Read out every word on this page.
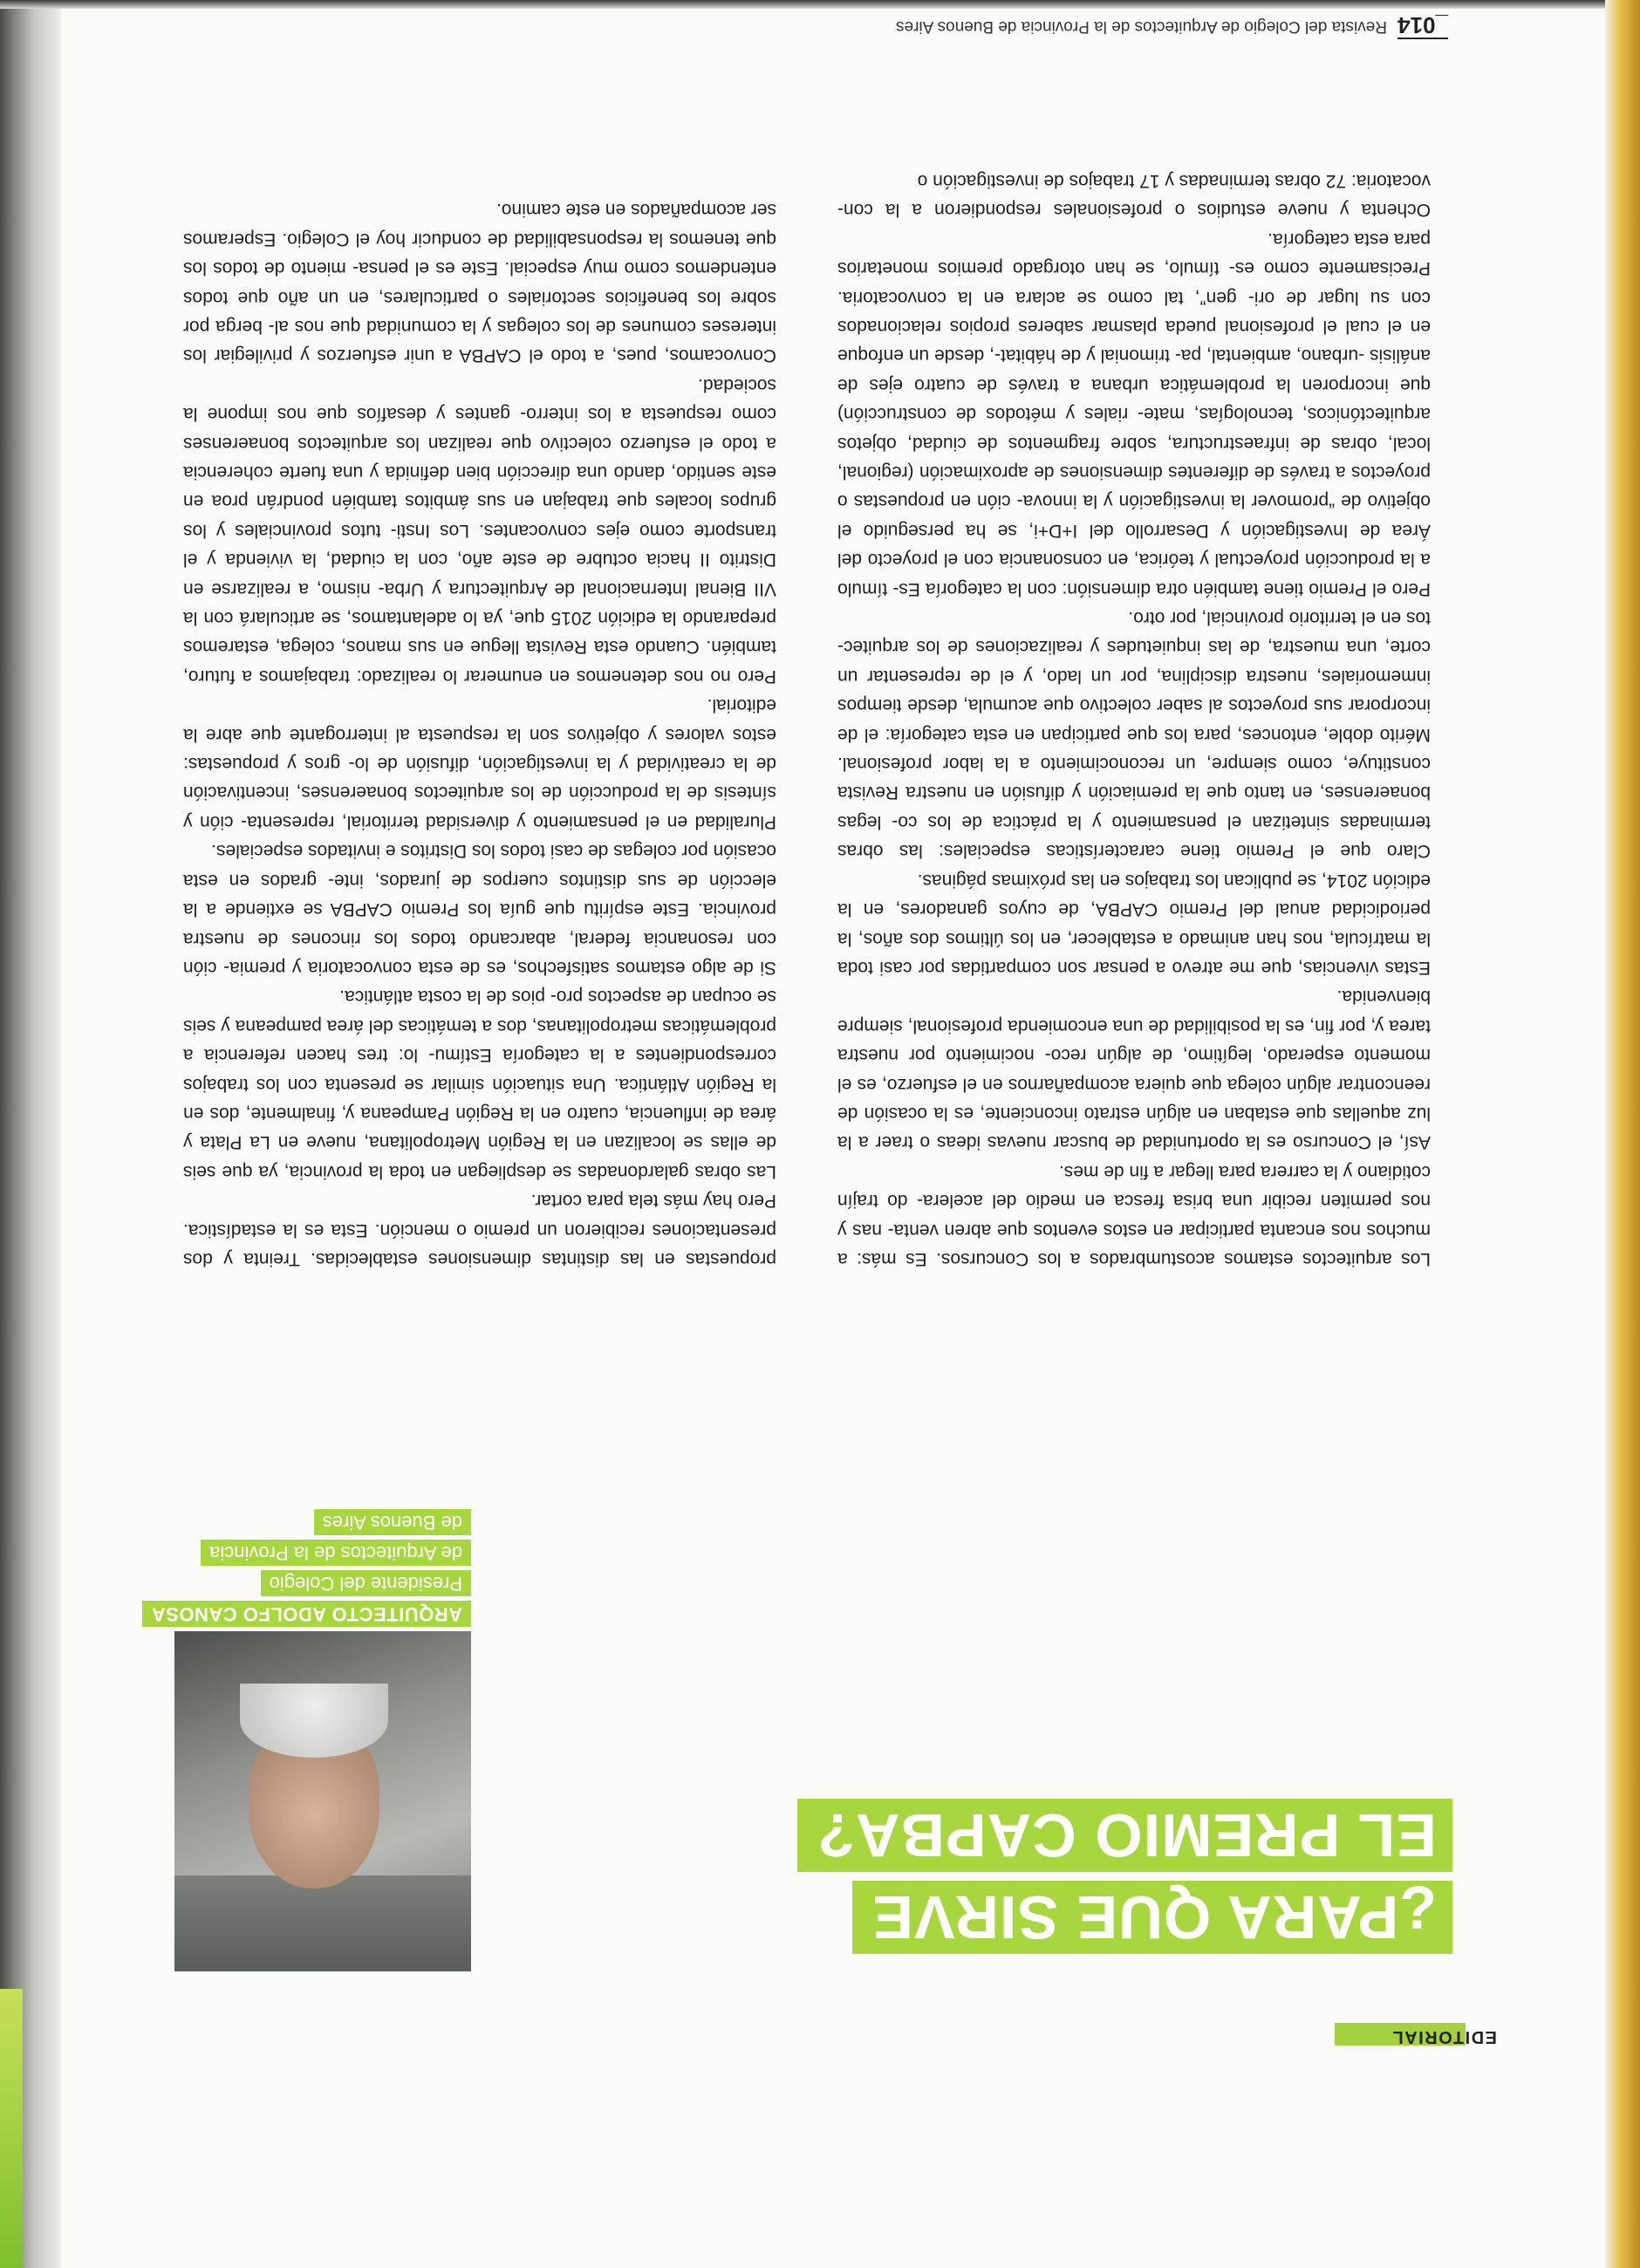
EDITORIAL
¿PARA QUE SIRVE
EL PREMIO CAPBA?
ARQUITECTO ADOLFO CANOSA
Presidente del Colegio
de Arquitectos de la Provincia
de Buenos Aires

Los arquitectos estamos acostumbrados a los Concursos. Es más: a muchos nos encanta participar en estos eventos que abren venta- nas y nos permiten recibir una brisa fresca en medio del acelera- do trajín cotidiano y la carrera para llegar a fin de mes.

Así, el Concurso es la oportunidad de buscar nuevas ideas o traer a la luz aquellas que estaban en algún estrato inconciente, es la ocasión de reencontrar algún colega que quiera acompañarnos en el esfuerzo, es el momento esperado, legítimo, de algún reco- nocimiento por nuestra tarea y, por fin, es la posibilidad de una encomienda profesional, siempre bienvenida.

Estas vivencias, que me atrevo a pensar son compartidas por casi toda la matrícula, nos han animado a establecer, en los últimos dos años, la periodicidad anual del Premio CAPBA, de cuyos ganadores, en la edición 2014, se publican los trabajos en las próximas páginas.

Claro que el Premio tiene características especiales: las obras terminadas sintetizan el pensamiento y la práctica de los co- legas bonaerenses, en tanto que la premiación y difusión en nuestra Revista constituye, como siempre, un reconocimiento a la labor profesional. Mérito doble, entonces, para los que participan en esta categoría: el de incorporar sus proyectos al saber colectivo que acumula, desde tiempos inmemoriales, nuestra disciplina, por un lado, y el de representar un corte, una muestra, de las inquietudes y realizaciones de los arquitec- tos en el territorio provincial, por otro.

Pero el Premio tiene también otra dimensión: con la categoría Es- tímulo a la producción proyectual y teórica, en consonancia con el proyecto del Área de Investigación y Desarrollo del I+D+i, se ha perseguido el objetivo de “promover la investigación y la innova- ción en propuestas o proyectos a través de diferentes dimensiones de aproximación (regional, local, obras de infraestructura, sobre fragmentos de ciudad, objetos arquitectónicos, tecnologías, mate- riales y métodos de construcción) que incorporen la problemática urbana a través de cuatro ejes de análisis -urbano, ambiental, pa- trimonial y de hábitat-, desde un enfoque en el cual el profesional pueda plasmar saberes propios relacionados con su lugar de ori- gen”, tal como se aclara en la convocatoria. Precisamente como es- tímulo, se han otorgado premios monetarios para esta categoría.

Ochenta y nueve estudios o profesionales respondieron a la con- vocatoria: 72 obras terminadas y 17 trabajos de investigación o

propuestas en las distintas dimensiones establecidas. Treinta y dos presentaciones recibieron un premio o mención. Esta es la estadística. Pero hay más tela para cortar.

Las obras galardonadas se despliegan en toda la provincia, ya que seis de ellas se localizan en la Región Metropolitana, nueve en La Plata y área de influencia, cuatro en la Región Pampeana y, finalmente, dos en la Región Atlántica. Una situación similar se presenta con los trabajos correspondientes a la categoría Estímu- lo: tres hacen referencia a problemáticas metropolitanas, dos a temáticas del área pampeana y seis se ocupan de aspectos pro- pios de la costa atlántica.

Si de algo estamos satisfechos, es de esta convocatoria y premia- ción con resonancia federal, abarcando todos los rincones de nuestra provincia. Este espíritu que guía los Premio CAPBA se extiende a la elección de sus distintos cuerpos de jurados, inte- grados en esta ocasión por colegas de casi todos los Distritos e invitados especiales.

Pluralidad en el pensamiento y diversidad territorial, representa- ción y síntesis de la producción de los arquitectos bonaerenses, incentivación de la creatividad y la investigación, difusión de lo- gros y propuestas: estos valores y objetivos son la respuesta al interrogante que abre la editorial.

Pero no nos detenemos en enumerar lo realizado: trabajamos a futuro, también. Cuando esta Revista llegue en sus manos, colega, estaremos preparando la edición 2015 que, ya lo adelantamos, se articulará con la VII Bienal Internacional de Arquitectura y Urba- nismo, a realizarse en Distrito II hacia octubre de este año, con la ciudad, la vivienda y el transporte como ejes convocantes. Los Insti- tutos provinciales y los grupos locales que trabajan en sus ámbitos también pondrán proa en este sentido, dando una dirección bien definida y una fuerte coherencia a todo el esfuerzo colectivo que realizan los arquitectos bonaerenses como respuesta a los interro- gantes y desafíos que nos impone la sociedad.

Convocamos, pues, a todo el CAPBA a unir esfuerzos y privilegiar los intereses comunes de los colegas y la comunidad que nos al- berga por sobre los beneficios sectoriales o particulares, en un año que todos entendemos como muy especial. Este es el pensa- miento de todos los que tenemos la responsabilidad de conducir hoy el Colegio. Esperamos ser acompañados en este camino.

_014
Revista del Colegio de Arquitectos de la Provincia de Buenos Aires
